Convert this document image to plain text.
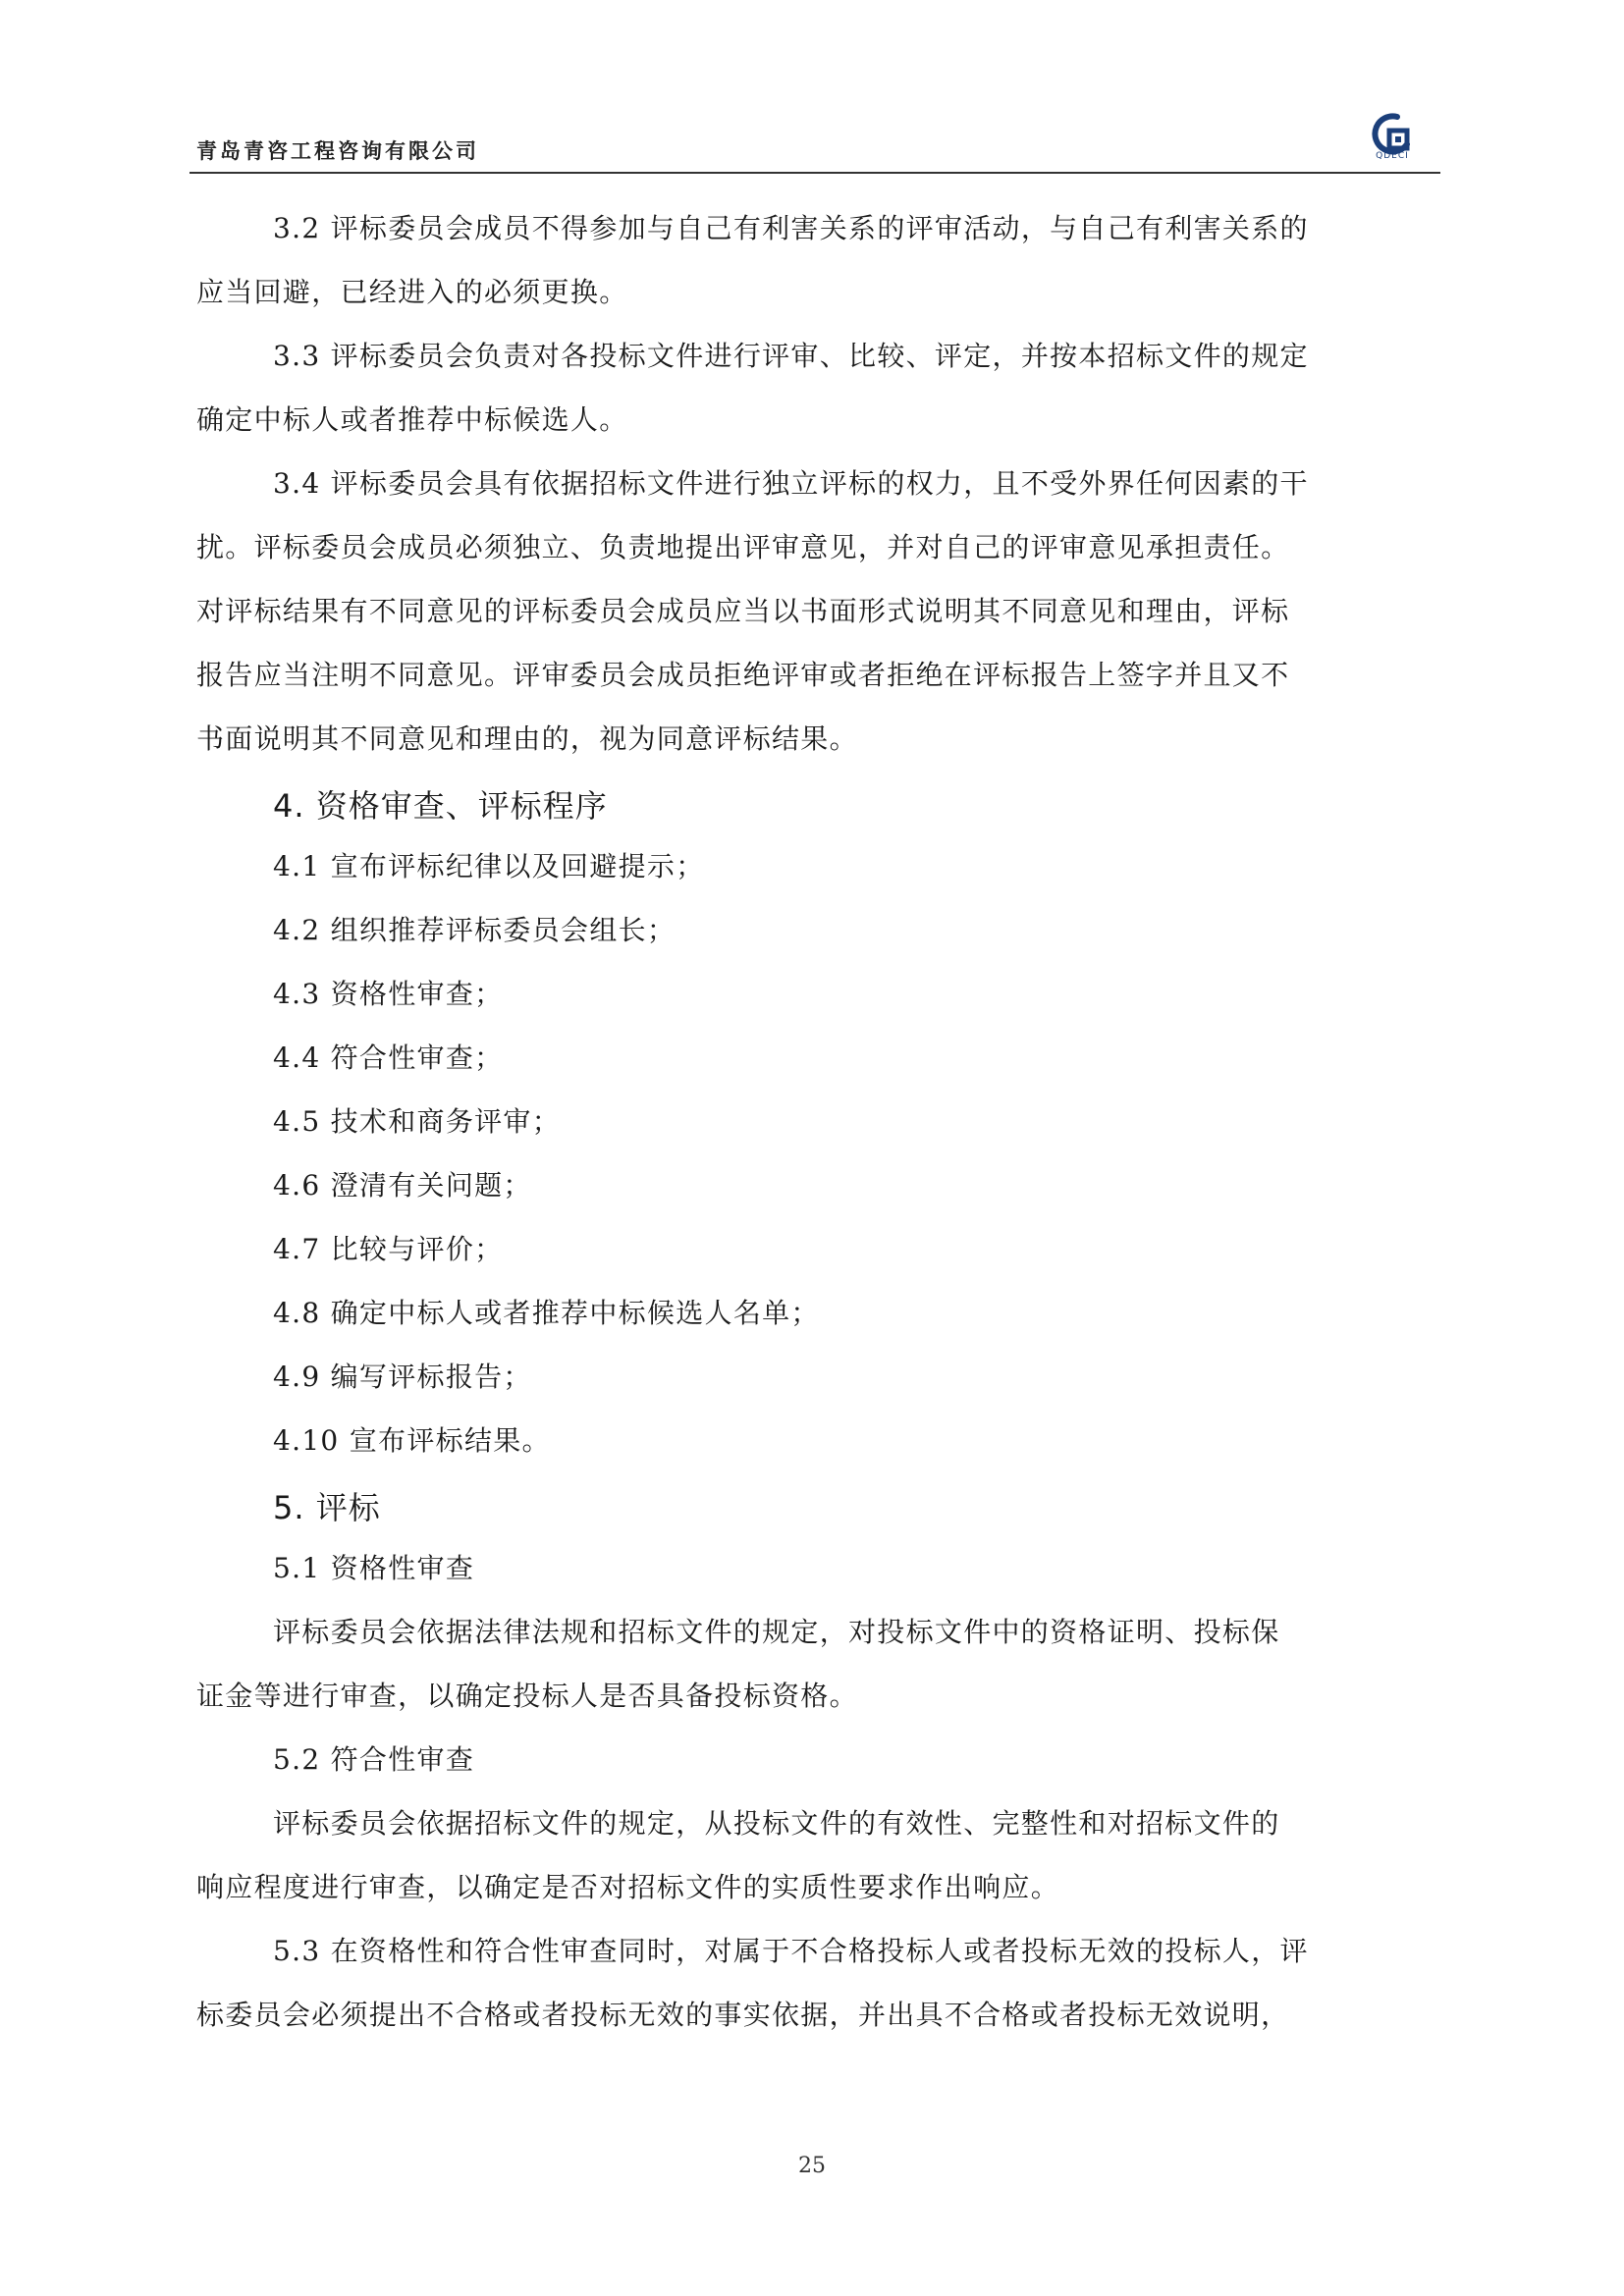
青岛青咨工程咨询有限公司	QDECI
3.2 评标委员会成员不得参加与自己有利害关系的评审活动，与自己有利害关系的
应当回避，已经进入的必须更换。
3.3 评标委员会负责对各投标文件进行评审、比较、评定，并按本招标文件的规定
确定中标人或者推荐中标候选人。
3.4 评标委员会具有依据招标文件进行独立评标的权力，且不受外界任何因素的干
扰。评标委员会成员必须独立、负责地提出评审意见，并对自己的评审意见承担责任。
对评标结果有不同意见的评标委员会成员应当以书面形式说明其不同意见和理由，评标
报告应当注明不同意见。评审委员会成员拒绝评审或者拒绝在评标报告上签字并且又不
书面说明其不同意见和理由的，视为同意评标结果。
4. 资格审查、评标程序
4.1 宣布评标纪律以及回避提示；
4.2 组织推荐评标委员会组长；
4.3 资格性审查；
4.4 符合性审查；
4.5 技术和商务评审；
4.6 澄清有关问题；
4.7 比较与评价；
4.8 确定中标人或者推荐中标候选人名单；
4.9 编写评标报告；
4.10 宣布评标结果。
5. 评标
5.1 资格性审查
评标委员会依据法律法规和招标文件的规定，对投标文件中的资格证明、投标保
证金等进行审查，以确定投标人是否具备投标资格。
5.2 符合性审查
评标委员会依据招标文件的规定，从投标文件的有效性、完整性和对招标文件的
响应程度进行审查，以确定是否对招标文件的实质性要求作出响应。
5.3 在资格性和符合性审查同时，对属于不合格投标人或者投标无效的投标人，评
标委员会必须提出不合格或者投标无效的事实依据，并出具不合格或者投标无效说明，
25
